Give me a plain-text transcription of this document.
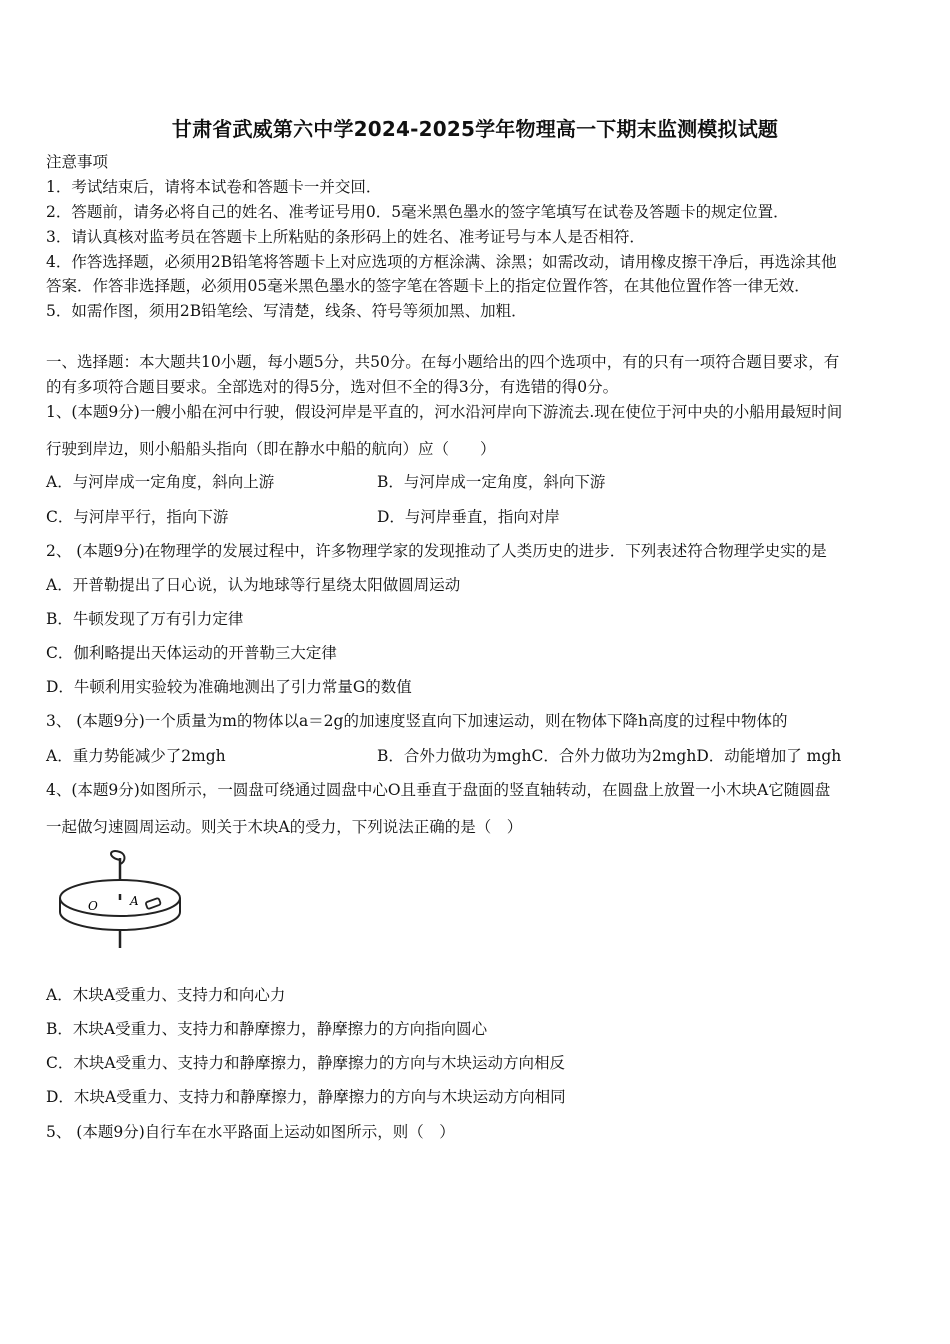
甘肃省武威第六中学2024-2025学年物理高一下期末监测模拟试题
注意事项
1．考试结束后，请将本试卷和答题卡一并交回．
2．答题前，请务必将自己的姓名、准考证号用0．5毫米黑色墨水的签字笔填写在试卷及答题卡的规定位置．
3．请认真核对监考员在答题卡上所粘贴的条形码上的姓名、准考证号与本人是否相符．
4．作答选择题，必须用2B铅笔将答题卡上对应选项的方框涂满、涂黑；如需改动，请用橡皮擦干净后，再选涂其他
答案．作答非选择题，必须用05毫米黑色墨水的签字笔在答题卡上的指定位置作答，在其他位置作答一律无效．
5．如需作图，须用2B铅笔绘、写清楚，线条、符号等须加黑、加粗．
一、选择题：本大题共10小题，每小题5分，共50分。在每小题给出的四个选项中，有的只有一项符合题目要求，有
的有多项符合题目要求。全部选对的得5分，选对但不全的得3分，有选错的得0分。
1、(本题9分)一艘小船在河中行驶，假设河岸是平直的，河水沿河岸向下游流去.现在使位于河中央的小船用最短时间
行驶到岸边，则小船船头指向（即在静水中船的航向）应（　　）
A．与河岸成一定角度，斜向上游	B．与河岸成一定角度，斜向下游
C．与河岸平行，指向下游	D．与河岸垂直，指向对岸
2、 (本题9分)在物理学的发展过程中，许多物理学家的发现推动了人类历史的进步．下列表述符合物理学史实的是
A．开普勒提出了日心说，认为地球等行星绕太阳做圆周运动
B．牛顿发现了万有引力定律
C．伽利略提出天体运动的开普勒三大定律
D．牛顿利用实验较为准确地测出了引力常量G的数值
3、 (本题9分)一个质量为m的物体以a＝2g的加速度竖直向下加速运动，则在物体下降h高度的过程中物体的
A．重力势能减少了2mgh	B．合外力做功为mghC．合外力做功为2mghD．动能增加了 mgh
4、(本题9分)如图所示，一圆盘可绕通过圆盘中心O且垂直于盘面的竖直轴转动，在圆盘上放置一小木块A它随圆盘
一起做匀速圆周运动。则关于木块A的受力，下列说法正确的是（　）
O	A
A．木块A受重力、支持力和向心力
B．木块A受重力、支持力和静摩擦力，静摩擦力的方向指向圆心
C．木块A受重力、支持力和静摩擦力，静摩擦力的方向与木块运动方向相反
D．木块A受重力、支持力和静摩擦力，静摩擦力的方向与木块运动方向相同
5、 (本题9分)自行车在水平路面上运动如图所示，则（　）
